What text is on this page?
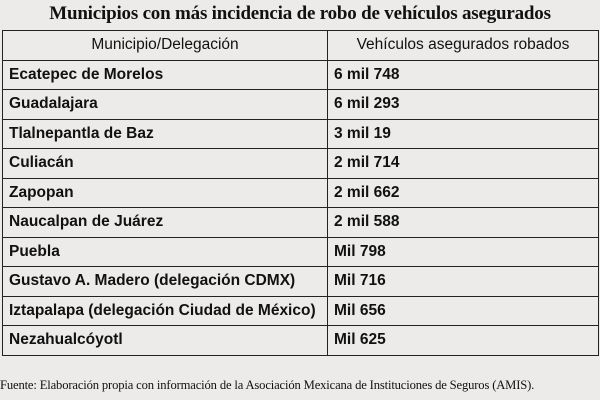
Municipios con más incidencia de robo de vehículos asegurados
Municipio/Delegación	Vehículos asegurados robados
Ecatepec de Morelos	6 mil 748
Guadalajara	6 mil 293
Tlalnepantla de Baz	3 mil 19
Culiacán	2 mil 714
Zapopan	2 mil 662
Naucalpan de Juárez	2 mil 588
Puebla	Mil 798
Gustavo A. Madero (delegación CDMX)	Mil 716
Iztapalapa (delegación Ciudad de México)	Mil 656
Nezahualcóyotl	Mil 625
Fuente: Elaboración propia con información de la Asociación Mexicana de Instituciones de Seguros (AMIS).
